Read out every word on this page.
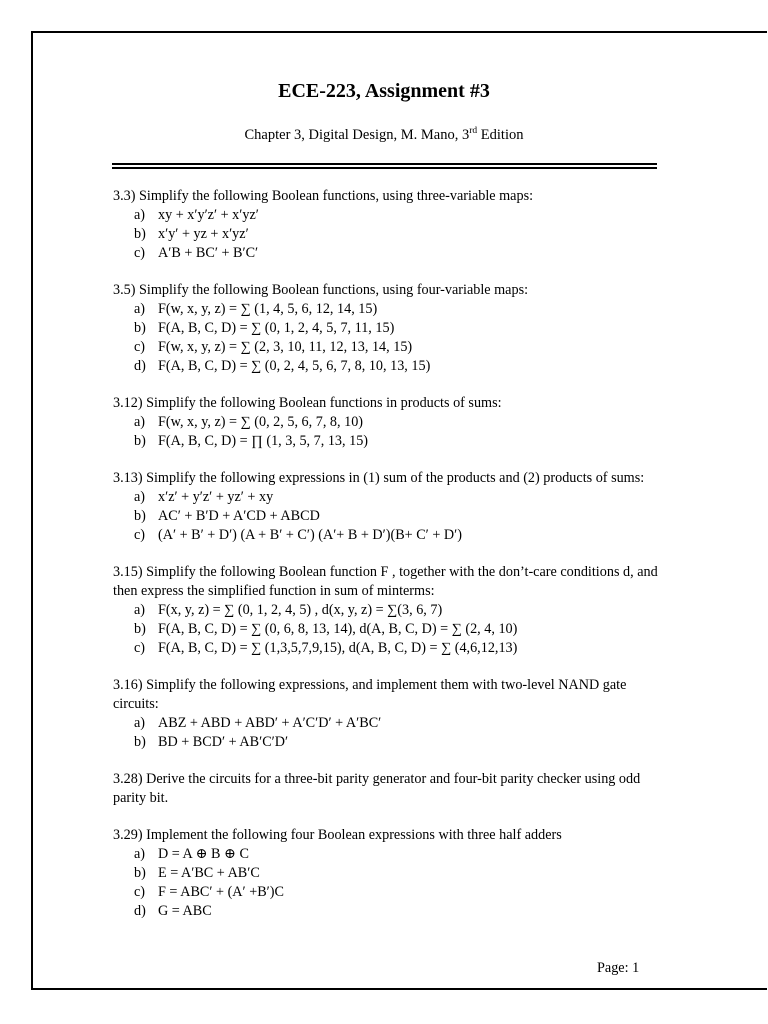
ECE-223, Assignment #3

Chapter 3, Digital Design, M. Mano, 3rd Edition

3.3) Simplify the following Boolean functions, using three-variable maps:

a) xy + x′y′z′ + x′yz′
b) x′y′ + yz + x′yz′
c) A′B + BC′ + B′C′

3.5) Simplify the following Boolean functions, using four-variable maps:

a) F(w, x, y, z) = ∑ (1, 4, 5, 6, 12, 14, 15)
b) F(A, B, C, D) = ∑ (0, 1, 2, 4, 5, 7, 11, 15)
c) F(w, x, y, z) = ∑ (2, 3, 10, 11, 12, 13, 14, 15)
d) F(A, B, C, D) = ∑ (0, 2, 4, 5, 6, 7, 8, 10, 13, 15)

3.12) Simplify the following Boolean functions in products of sums:

a) F(w, x, y, z) = ∑ (0, 2, 5, 6, 7, 8, 10)
b) F(A, B, C, D) = ∏ (1, 3, 5, 7, 13, 15)

3.13) Simplify the following expressions in (1) sum of the products and (2) products of sums:

a) x′z′ + y′z′ + yz′ + xy
b) AC′ + B′D + A′CD + ABCD
c) (A′ + B′ + D′) (A + B′ + C′) (A′+ B + D′)(B+ C′ + D′)

3.15) Simplify the following Boolean function F , together with the don’t-care conditions d, and then express the simplified function in sum of minterms:

a) F(x, y, z) = ∑ (0, 1, 2, 4, 5) , d(x, y, z) = ∑(3, 6, 7)
b) F(A, B, C, D) = ∑ (0, 6, 8, 13, 14), d(A, B, C, D) = ∑ (2, 4, 10)
c) F(A, B, C, D) = ∑ (1,3,5,7,9,15), d(A, B, C, D) = ∑ (4,6,12,13)

3.16) Simplify the following expressions, and implement them with two-level NAND gate circuits:

a) ABZ + ABD + ABD′ + A′C′D′ + A′BC′
b) BD + BCD′ + AB′C′D′

3.28) Derive the circuits for a three-bit parity generator and four-bit parity checker using odd parity bit.

3.29) Implement the following four Boolean expressions with three half adders

a) D = A ⊕ B ⊕ C
b) E = A′BC + AB′C
c) F = ABC′ + (A′ +B′)C
d) G = ABC
Page: 1
